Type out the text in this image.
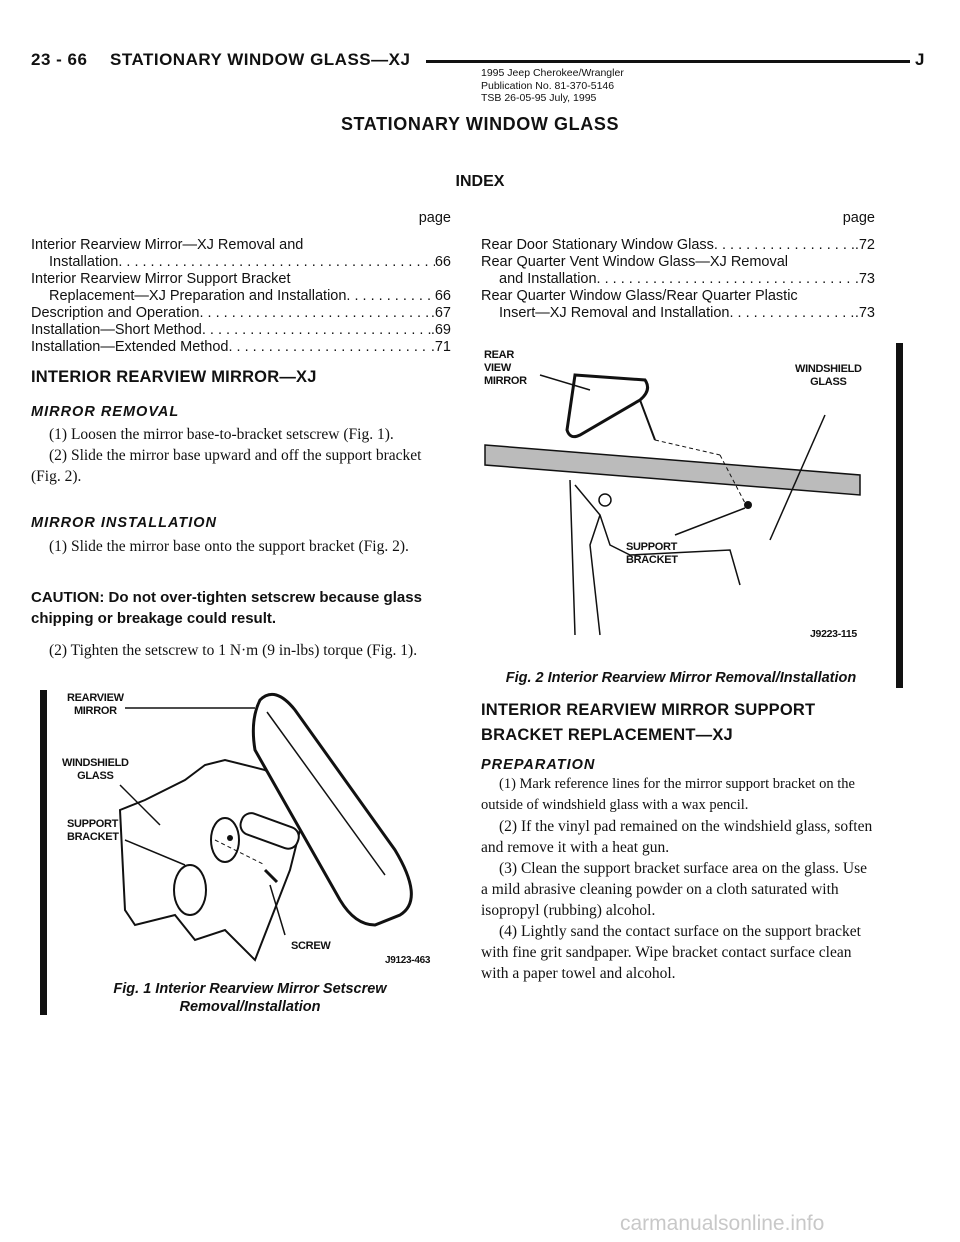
23 - 66 STATIONARY WINDOW GLASS—XJ	J
1995 Jeep Cherokee/Wrangler
Publication No. 81-370-5146
TSB 26-05-95 July, 1995
STATIONARY WINDOW GLASS
INDEX
page
Interior Rearview Mirror—XJ Removal and
Installation . . .	66
Interior Rearview Mirror Support Bracket
Replacement—XJ Preparation and Installation . . .	66
Description and Operation . . .	.67
Installation—Short Method . . .	.69
Installation—Extended Method . . .	.71
page
Rear Door Stationary Window Glass . . .	.72
Rear Quarter Vent Window Glass—XJ Removal
and Installation . . .	.73
Rear Quarter Window Glass/Rear Quarter Plastic
Insert—XJ Removal and Installation . . .	.73
INTERIOR REARVIEW MIRROR—XJ
MIRROR REMOVAL

(1) Loosen the mirror base-to-bracket setscrew (Fig. 1).

(2) Slide the mirror base upward and off the support bracket (Fig. 2).

MIRROR INSTALLATION

(1) Slide the mirror base onto the support bracket (Fig. 2).

CAUTION: Do not over-tighten setscrew because glass chipping or breakage could result.

(2) Tighten the setscrew to 1 N·m (9 in-lbs) torque (Fig. 1).

REARVIEW
MIRROR
WINDSHIELD
GLASS
SUPPORT
BRACKET
SCREW
J9123-463
Fig. 1 Interior Rearview Mirror Setscrew
Removal/Installation
REAR
VIEW
MIRROR
WINDSHIELD
GLASS
SUPPORT
BRACKET
J9223-115
Fig. 2 Interior Rearview Mirror Removal/Installation
INTERIOR REARVIEW MIRROR SUPPORT
BRACKET REPLACEMENT—XJ
PREPARATION

(1) Mark reference lines for the mirror support bracket on the outside of windshield glass with a wax pencil.

(2) If the vinyl pad remained on the windshield glass, soften and remove it with a heat gun.

(3) Clean the support bracket surface area on the glass. Use a mild abrasive cleaning powder on a cloth saturated with isopropyl (rubbing) alcohol.

(4) Lightly sand the contact surface on the support bracket with fine grit sandpaper. Wipe bracket contact surface clean with a paper towel and alcohol.

carmanualsonline.info
